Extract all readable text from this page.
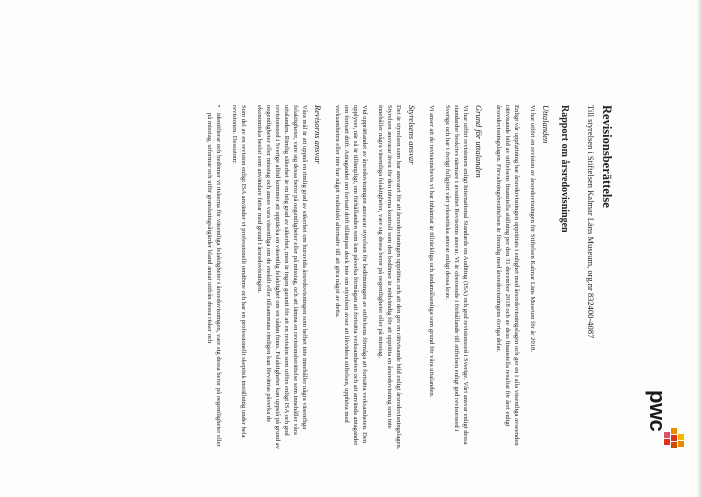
pwc
Revisionsberättelse
Till styrelsen i Stiftelsen Kalmar Läns Museum, org.nr 832400-4087
Rapport om årsredovisningen
Uttalanden

Vi har utfört en revision av årsredovisningen för Stiftelsen Kalmar Läns Museum för år 2018.

Enligt vår uppfattning har årsredovisningen upprättats i enlighet med årsredovisningslagen och ger en i alla väsentliga avseenden rättvisande bild av stiftelsens finansiella ställning per den 31 december 2018 och av dess finansiella resultat för året enligt årsredovisningslagen. Förvaltningsberättelsen är förenlig med årsredovisningens övriga delar.

Grund för uttalanden

Vi har utfört revisionen enligt International Standards on Auditing (ISA) och god revisionssed i Sverige. Vårt ansvar enligt dessa standarder beskrivs närmare i avsnittet Revisorns ansvar. Vi är oberoende i förhållande till stiftelsen enligt god revisorssed i Sverige och har i övrigt fullgjort vårt yrkesetiska ansvar enligt dessa krav.

Vi anser att de revisionsbevis vi har inhämtat är tillräckliga och ändamålsenliga som grund för våra uttalanden.

Styrelsens ansvar

Det är styrelsen som har ansvaret för att årsredovisningen upprättas och att den ger en rättvisande bild enligt årsredovisningslagen. Styrelsen ansvarar även för den interna kontroll som den bedömer är nödvändig för att upprätta en årsredovisning som inte innehåller några väsentliga felaktigheter, vare sig dessa beror på oegentligheter eller på misstag.

Vid upprättandet av årsredovisningen ansvarar styrelsen för bedömningen av stiftelsens förmåga att fortsätta verksamheten. Den upplyser, när så är tillämpligt, om förhållanden som kan påverka förmågan att fortsätta verksamheten och att använda antagandet om fortsatt drift. Antagandet om fortsatt drift tillämpas dock inte om styrelsen avser att likvidera stiftelsen, upphöra med verksamheten eller inte har något realistiskt alternativ till att göra något av detta.

Revisorns ansvar

Våra mål är att uppnå en rimlig grad av säkerhet om huruvida årsredovisningen som helhet inte innehåller några väsentliga felaktigheter, vare sig dessa beror på oegentligheter eller på misstag, och att lämna en revisionsberättelse som innehåller våra uttalanden. Rimlig säkerhet är en hög grad av säkerhet, men är ingen garanti för att en revision som utförs enligt ISA och god revisionssed i Sverige alltid kommer att upptäcka en väsentlig felaktighet om en sådan finns. Felaktigheter kan uppstå på grund av oegentligheter eller misstag och anses vara väsentliga om de enskilt eller tillsammans rimligen kan förväntas påverka de ekonomiska beslut som användare fattar med grund i årsredovisningen.

Som del av en revision enligt ISA använder vi professionellt omdöme och har en professionellt skeptisk inställning under hela revisionen. Dessutom:

• identifierar och bedömer vi riskerna för väsentliga felaktigheter i årsredovisningen, vare sig dessa beror på oegentligheter eller på misstag, utformar och utför granskningsåtgärder bland annat utifrån dessa risker och
